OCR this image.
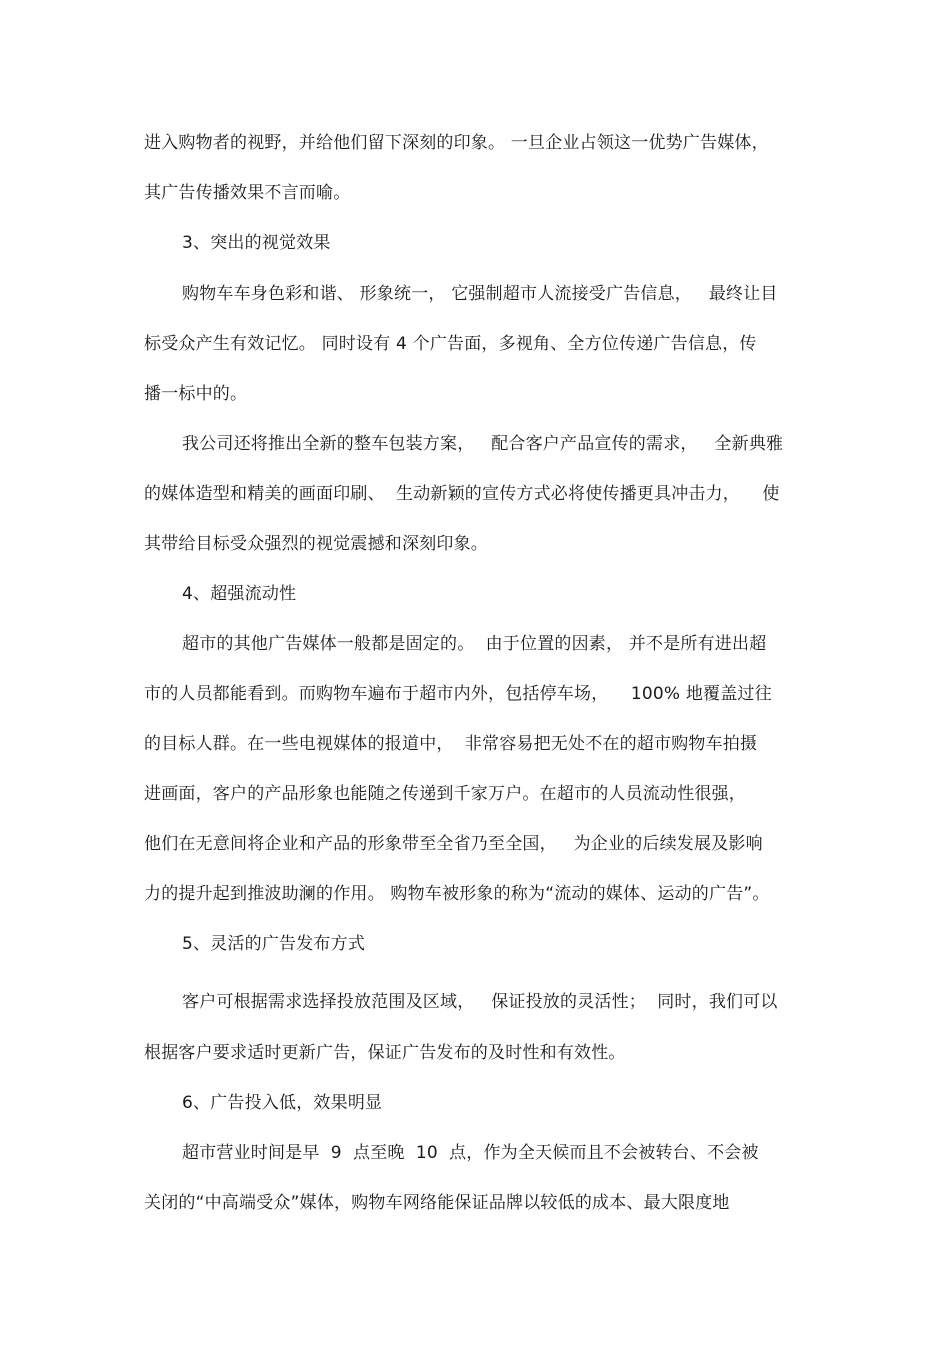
进入购物者的视野，并给他们留下深刻的印象。 一旦企业占领这一优势广告媒体，
其广告传播效果不言而喻。
3、突出的视觉效果
购物车车身色彩和谐、 形象统一， 它强制超市人流接受广告信息，   最终让目
标受众产生有效记忆。 同时设有 4 个广告面，多视角、全方位传递广告信息，传
播一标中的。
我公司还将推出全新的整车包装方案，   配合客户产品宣传的需求，   全新典雅
的媒体造型和精美的画面印刷、  生动新颖的宣传方式必将使传播更具冲击力，    使
其带给目标受众强烈的视觉震撼和深刻印象。
4、超强流动性
超市的其他广告媒体一般都是固定的。  由于位置的因素， 并不是所有进出超
市的人员都能看到。而购物车遍布于超市内外，包括停车场，    100% 地覆盖过往
的目标人群。在一些电视媒体的报道中，  非常容易把无处不在的超市购物车拍摄
进画面，客户的产品形象也能随之传递到千家万户。在超市的人员流动性很强，
他们在无意间将企业和产品的形象带至全省乃至全国，   为企业的后续发展及影响
力的提升起到推波助澜的作用。 购物车被形象的称为“流动的媒体、运动的广告”。
5、灵活的广告发布方式
客户可根据需求选择投放范围及区域，   保证投放的灵活性；  同时，我们可以
根据客户要求适时更新广告，保证广告发布的及时性和有效性。
6、广告投入低，效果明显
超市营业时间是早  9  点至晚  10  点，作为全天候而且不会被转台、不会被
关闭的“中高端受众”媒体，购物车网络能保证品牌以较低的成本、最大限度地
